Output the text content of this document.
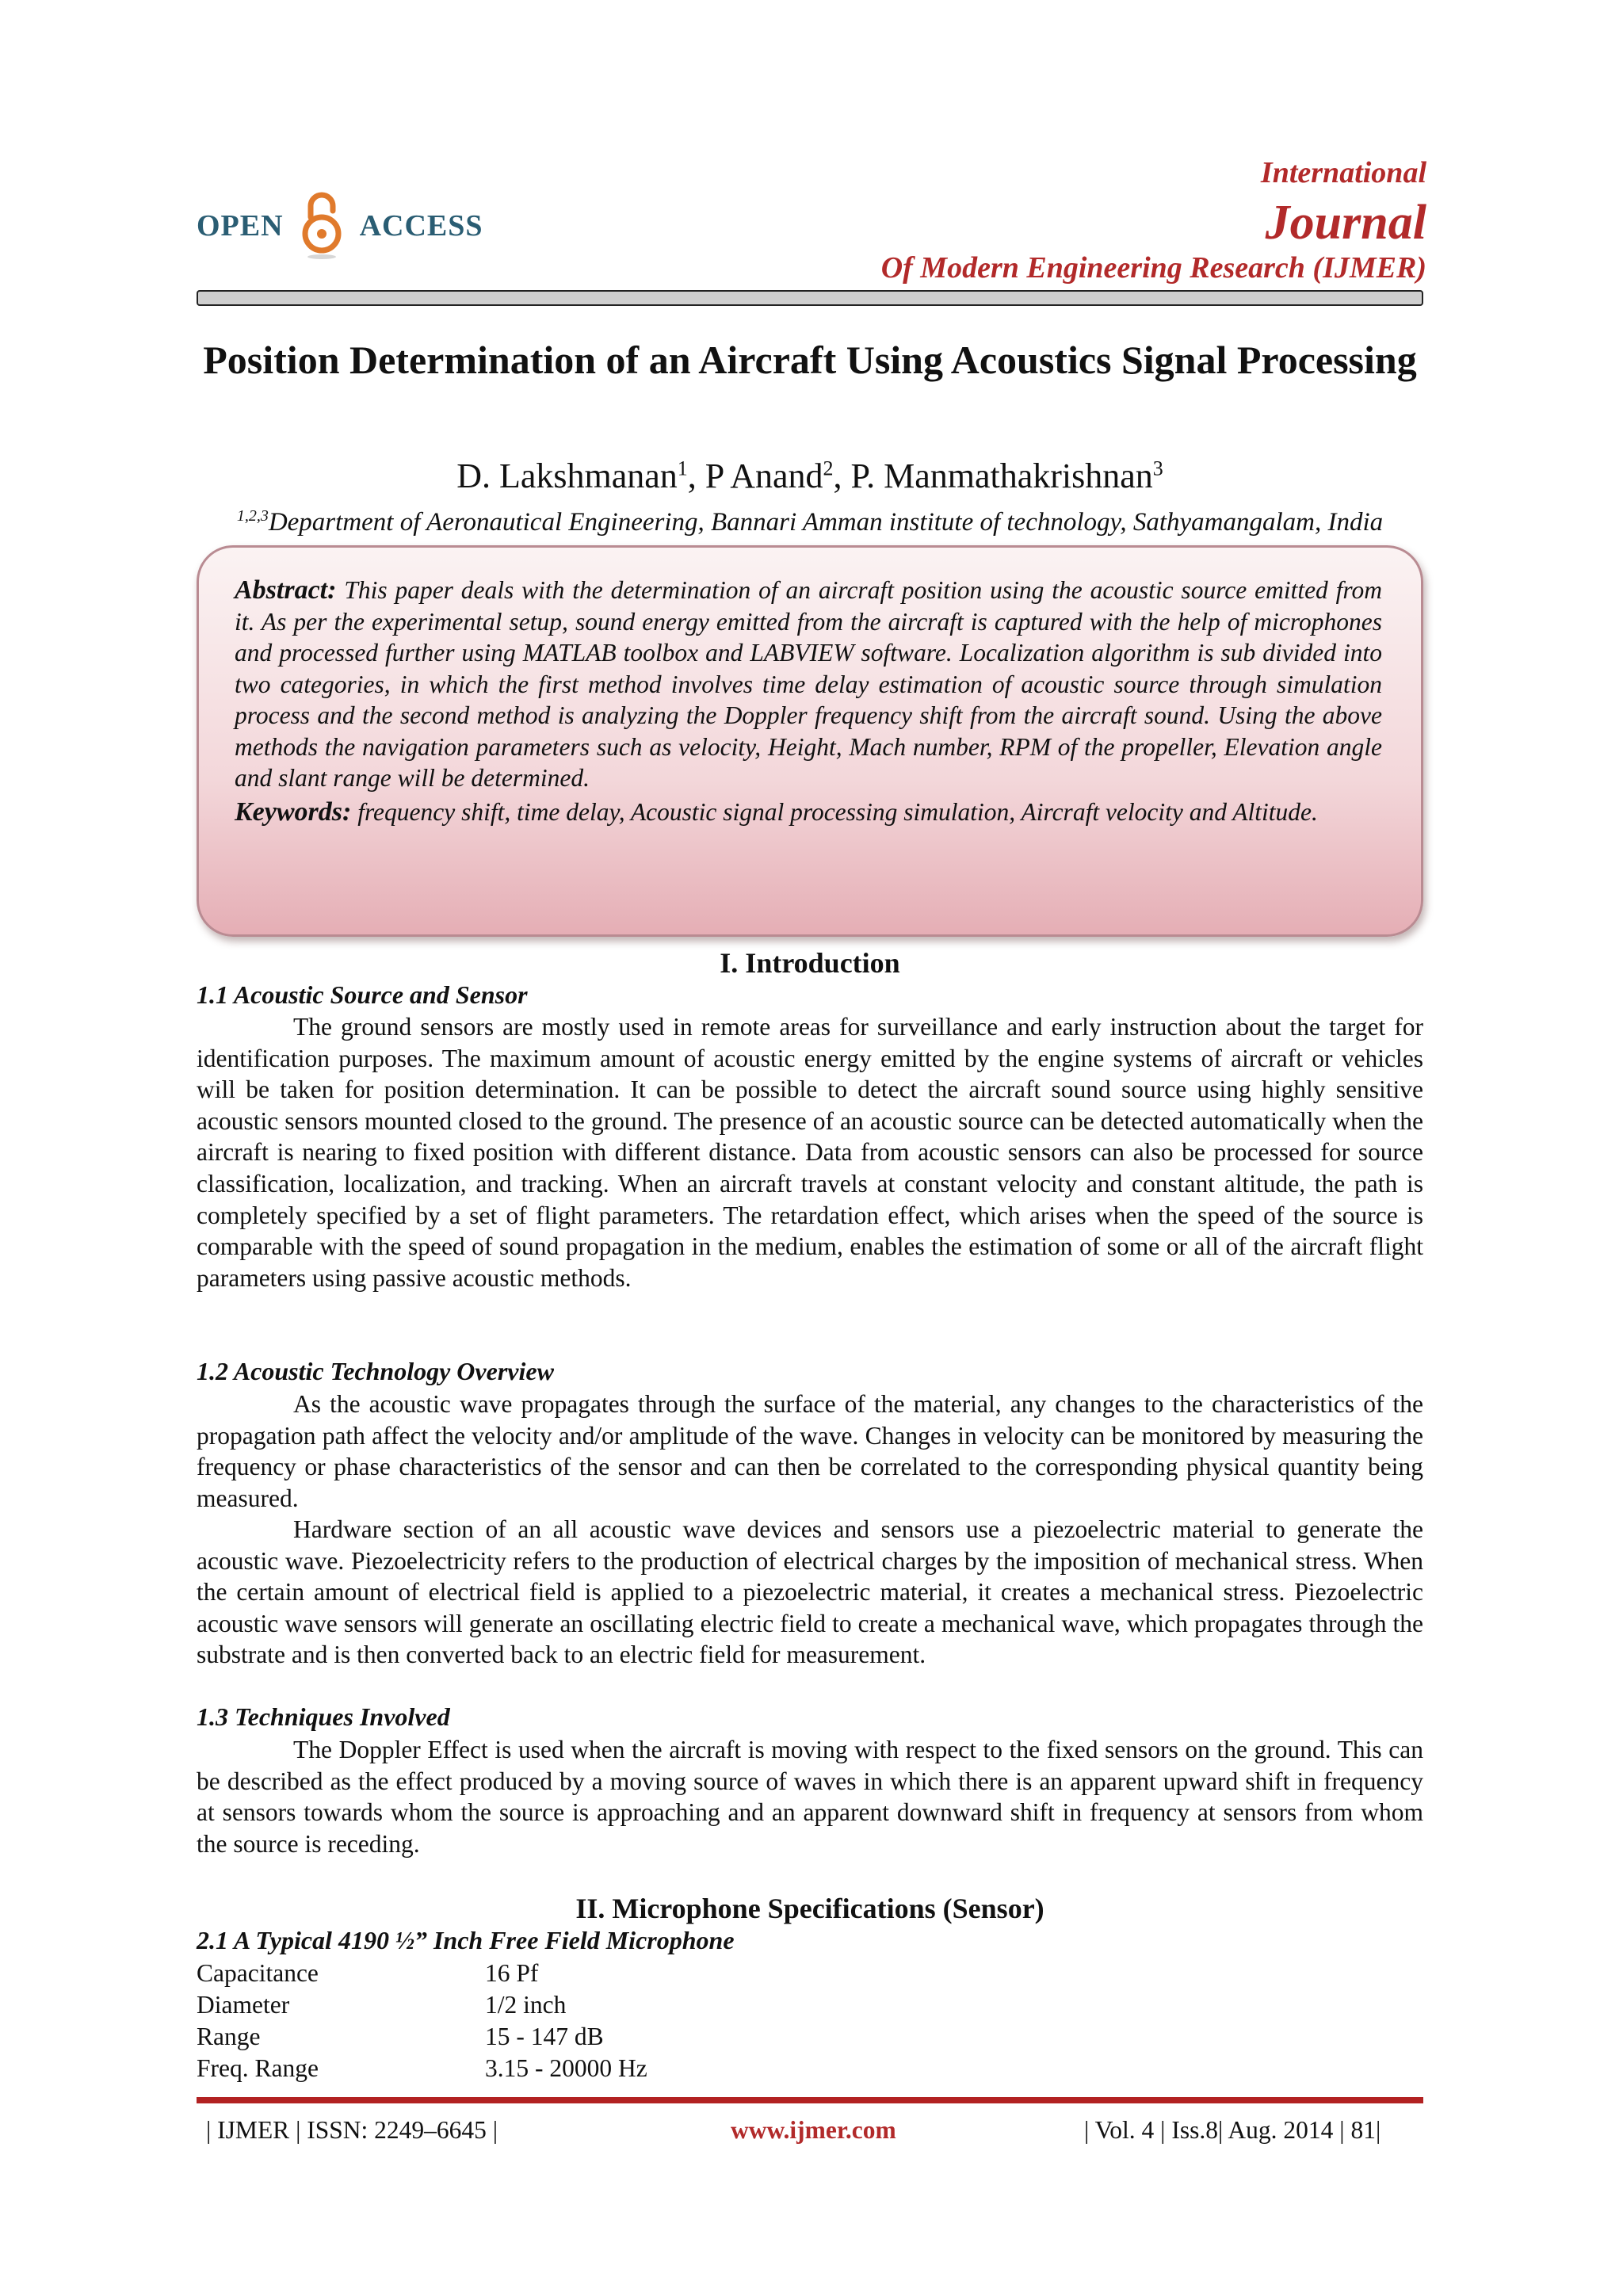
OPEN	ACCESS
International
Journal
Of Modern Engineering Research (IJMER)
Position Determination of an Aircraft Using Acoustics Signal Processing
D. Lakshmanan$^1$, P Anand$^2$, P. Manmathakrishnan$^3$
$^{1,2,3}$Department of Aeronautical Engineering, Bannari Amman institute of technology, Sathyamangalam, India
Abstract: This paper deals with the determination of an aircraft position using the acoustic source emitted from it. As per the experimental setup, sound energy emitted from the aircraft is captured with the help of microphones and processed further using MATLAB toolbox and LABVIEW software. Localization algorithm is sub divided into two categories, in which the first method involves time delay estimation of acoustic source through simulation process and the second method is analyzing the Doppler frequency shift from the aircraft sound. Using the above methods the navigation parameters such as velocity, Height, Mach number, RPM of the propeller, Elevation angle and slant range will be determined.
Keywords: frequency shift, time delay, Acoustic signal processing simulation, Aircraft velocity and Altitude.
I. Introduction
1.1 Acoustic Source and Sensor
The ground sensors are mostly used in remote areas for surveillance and early instruction about the target for identification purposes. The maximum amount of acoustic energy emitted by the engine systems of aircraft or vehicles will be taken for position determination. It can be possible to detect the aircraft sound source using highly sensitive acoustic sensors mounted closed to the ground. The presence of an acoustic source can be detected automatically when the aircraft is nearing to fixed position with different distance. Data from acoustic sensors can also be processed for source classification, localization, and tracking. When an aircraft travels at constant velocity and constant altitude, the path is completely specified by a set of flight parameters. The retardation effect, which arises when the speed of the source is comparable with the speed of sound propagation in the medium, enables the estimation of some or all of the aircraft flight parameters using passive acoustic methods.
1.2 Acoustic Technology Overview
As the acoustic wave propagates through the surface of the material, any changes to the characteristics of the propagation path affect the velocity and/or amplitude of the wave. Changes in velocity can be monitored by measuring the frequency or phase characteristics of the sensor and can then be correlated to the corresponding physical quantity being measured.
Hardware section of an all acoustic wave devices and sensors use a piezoelectric material to generate the acoustic wave. Piezoelectricity refers to the production of electrical charges by the imposition of mechanical stress. When the certain amount of electrical field is applied to a piezoelectric material, it creates a mechanical stress. Piezoelectric acoustic wave sensors will generate an oscillating electric field to create a mechanical wave, which propagates through the substrate and is then converted back to an electric field for measurement.
1.3 Techniques Involved
The Doppler Effect is used when the aircraft is moving with respect to the fixed sensors on the ground. This can be described as the effect produced by a moving source of waves in which there is an apparent upward shift in frequency at sensors towards whom the source is approaching and an apparent downward shift in frequency at sensors from whom the source is receding.
II. Microphone Specifications (Sensor)
2.1 A Typical 4190 ½” Inch Free Field Microphone
Capacitance	16 Pf
Diameter	1/2 inch
Range	15 - 147 dB
Freq. Range	3.15 - 20000 Hz
| IJMER | ISSN: 2249–6645 |	www.ijmer.com	| Vol. 4 | Iss.8| Aug. 2014 | 81|
